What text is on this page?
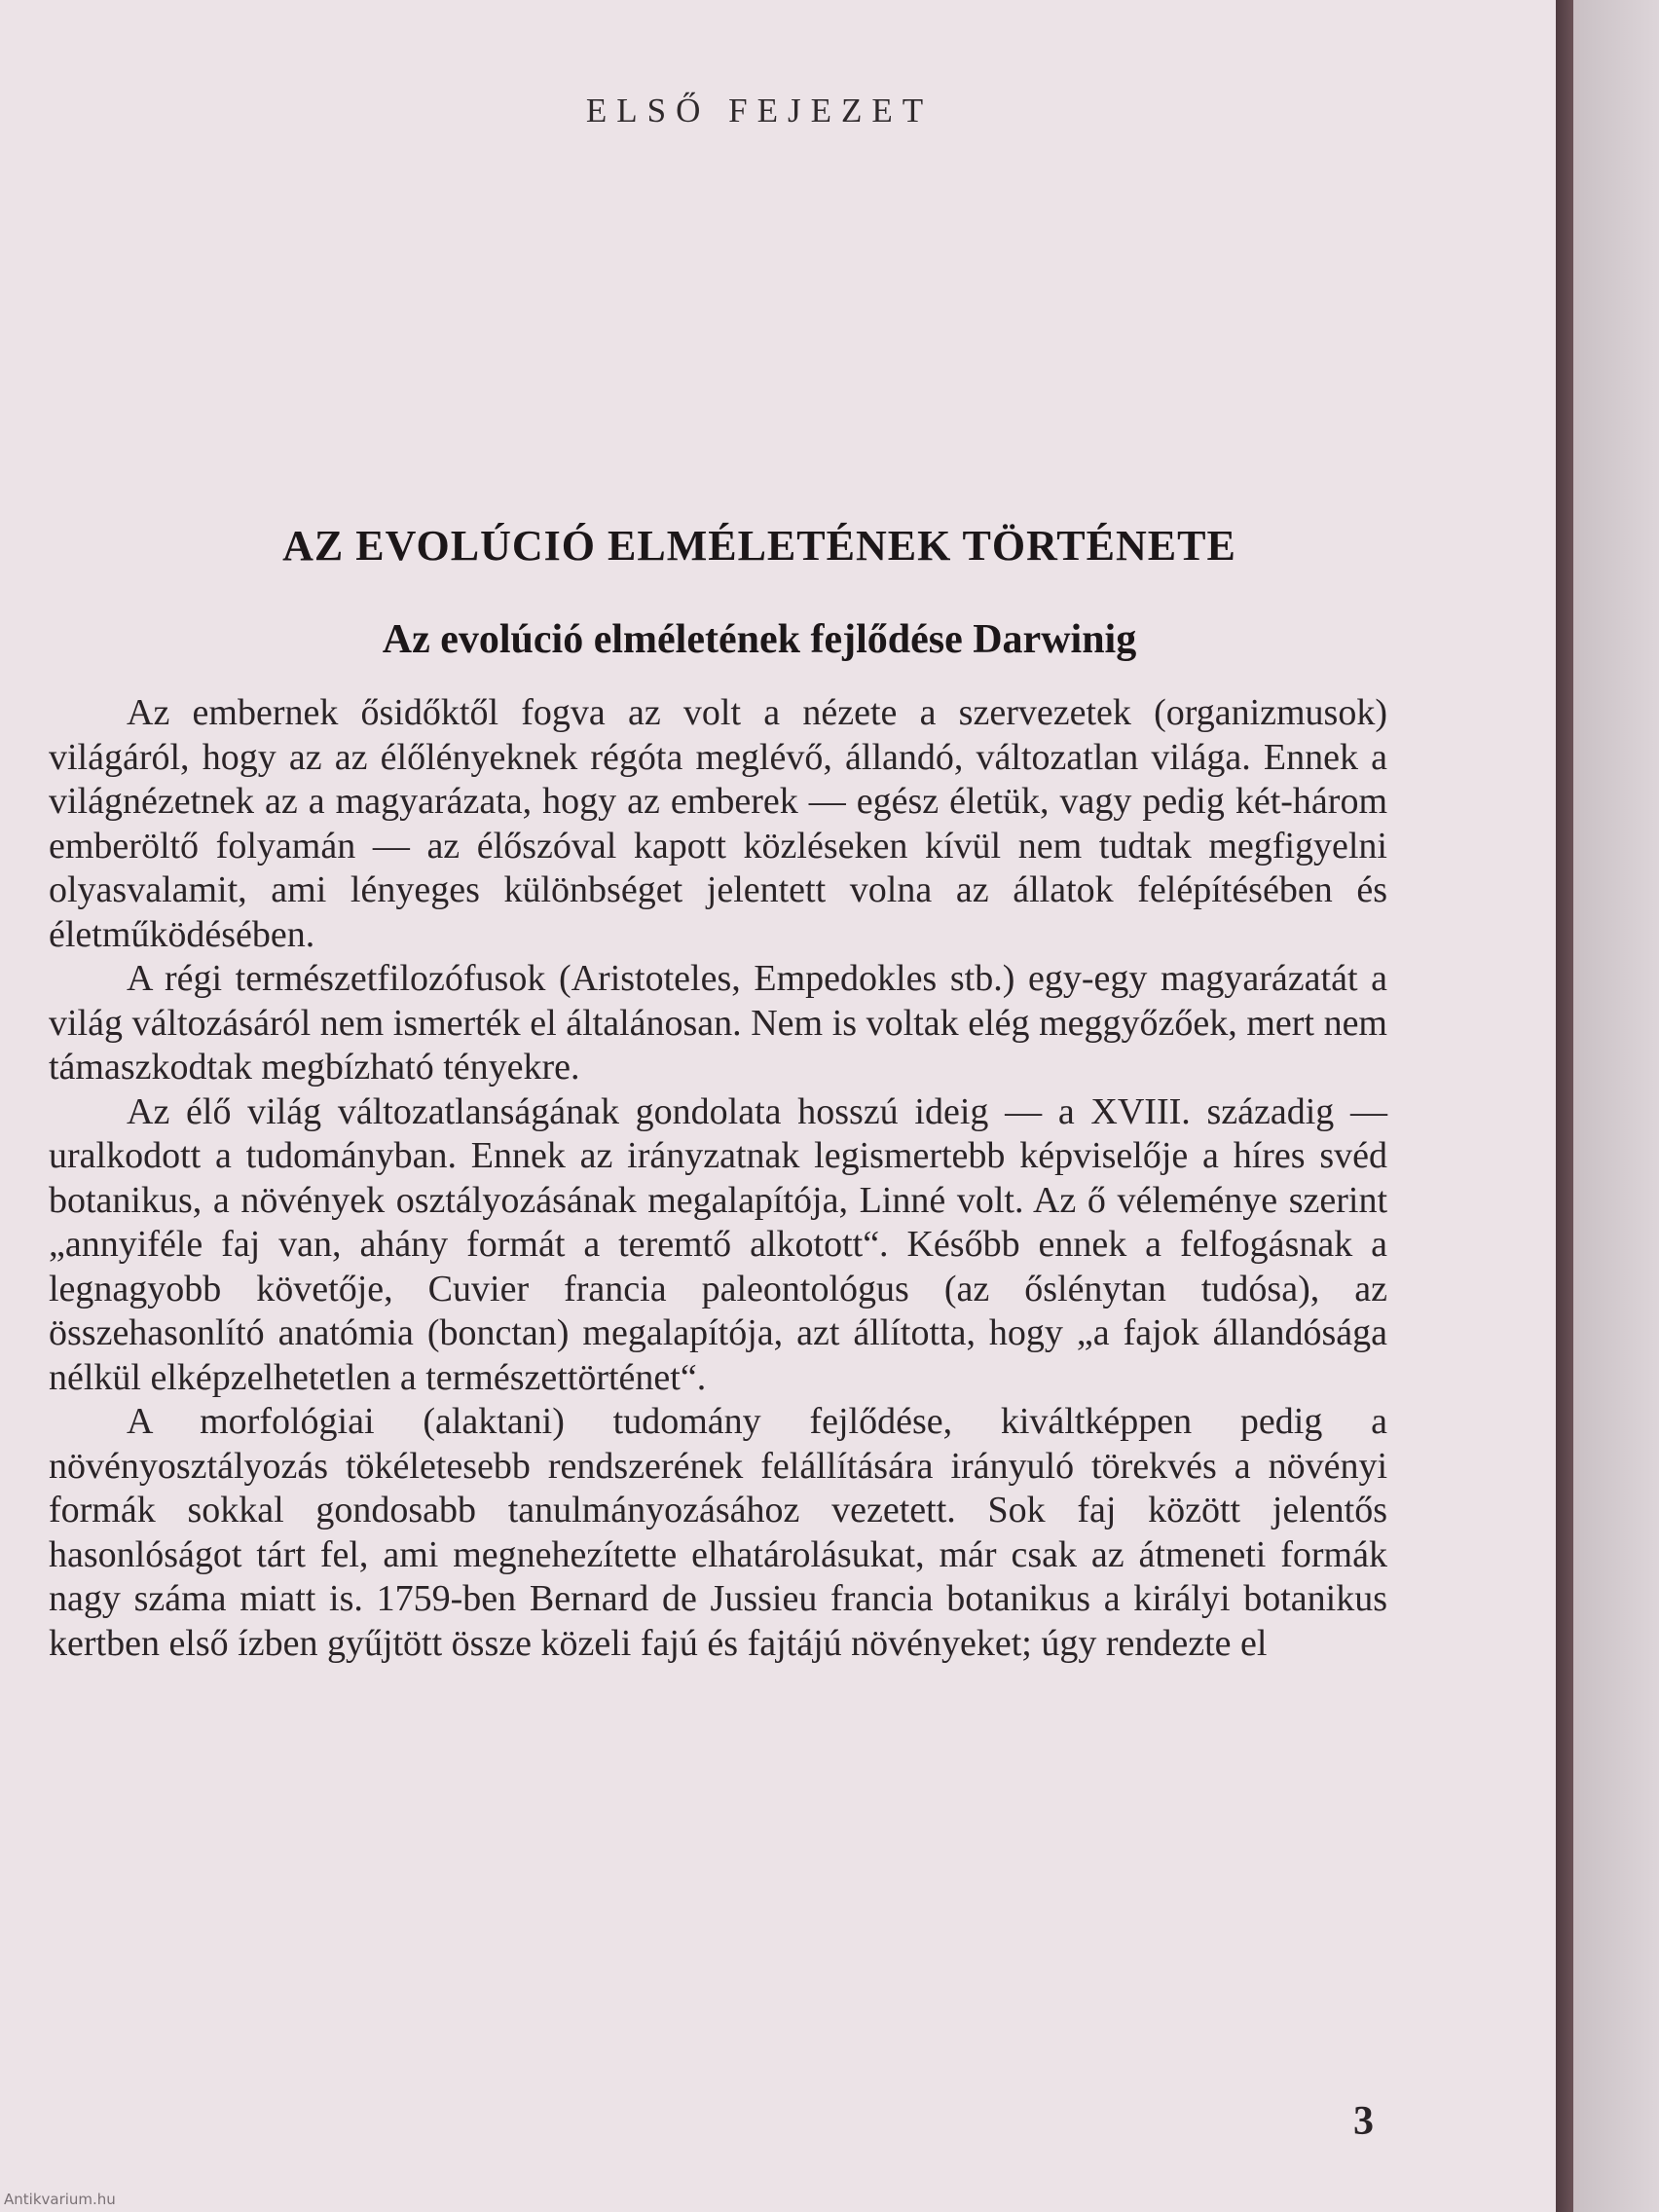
ELSŐ FEJEZET
AZ EVOLÚCIÓ ELMÉLETÉNEK TÖRTÉNETE
Az evolúció elméletének fejlődése Darwinig

Az embernek ősidőktől fogva az volt a nézete a szervezetek (organizmusok) világáról, hogy az az élőlényeknek régóta meglévő, állandó, változatlan világa. Ennek a világnézetnek az a magyarázata, hogy az emberek — egész életük, vagy pedig két-három emberöltő folyamán — az élőszóval kapott közléseken kívül nem tudtak megfigyelni olyasvalamit, ami lényeges különbséget jelentett volna az állatok felépítésében és életműködésében.

A régi természetfilozófusok (Aristoteles, Empedokles stb.) egy-egy magyarázatát a világ változásáról nem ismerték el általánosan. Nem is voltak elég meggyőzőek, mert nem támaszkodtak megbízható tényekre.

Az élő világ változatlanságának gondolata hosszú ideig — a XVIII. századig — uralkodott a tudományban. Ennek az irányzatnak legismertebb képviselője a híres svéd botanikus, a növények osztályozásának megalapítója, Linné volt. Az ő véleménye szerint „annyiféle faj van, ahány formát a teremtő alkotott“. Később ennek a felfogásnak a legnagyobb követője, Cuvier francia paleontológus (az őslénytan tudósa), az összehasonlító anatómia (bonctan) megalapítója, azt állította, hogy „a fajok állandósága nélkül elképzelhetetlen a természettörténet“.

A morfológiai (alaktani) tudomány fejlődése, kiváltképpen pedig a növényosztályozás tökéletesebb rendszerének felállítására irányuló törekvés a növényi formák sokkal gondosabb tanulmányozásához vezetett. Sok faj között jelentős hasonlóságot tárt fel, ami megnehezítette elhatárolásukat, már csak az átmeneti formák nagy száma miatt is. 1759-ben Bernard de Jussieu francia botanikus a királyi botanikus kertben első ízben gyűjtött össze közeli fajú és fajtájú növényeket; úgy rendezte el

3
Antikvarium.hu
